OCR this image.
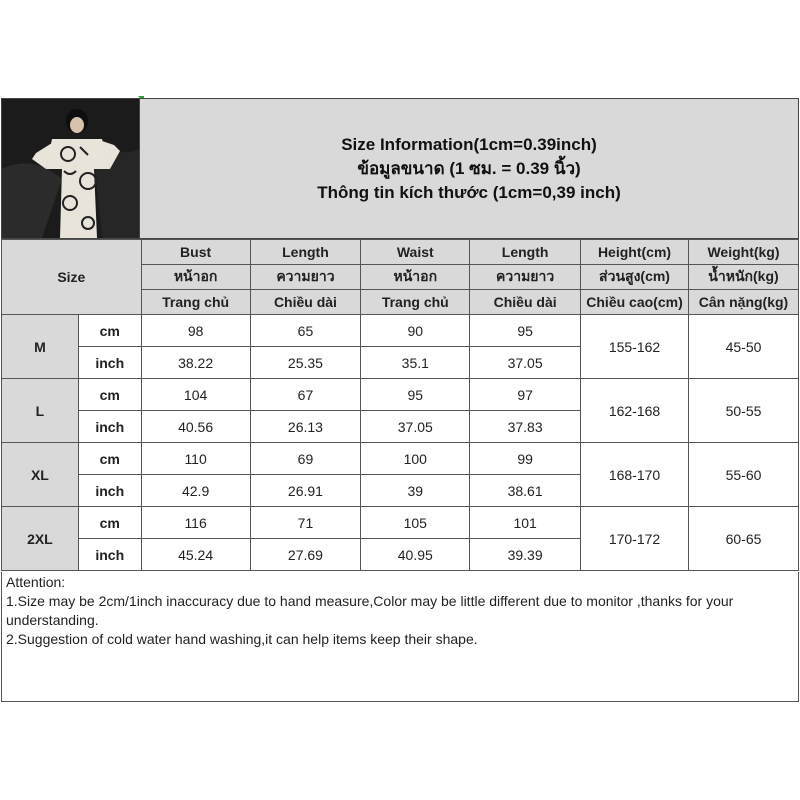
Size Information(1cm=0.39inch)
ข้อมูลขนาด (1 ซม. = 0.39 นิ้ว)
Thông tin kích thước (1cm=0,39 inch)
Size		Bust	Length	Waist	Length	Height(cm)	Weight(kg)
		หน้าอก	ความยาว	หน้าอก	ความยาว	ส่วนสูง(cm)	น้ำหนัก(kg)
		Trang chủ	Chiều dài	Trang chủ	Chiều dài	Chiều cao(cm)	Cân nặng(kg)
M	cm	98	65	90	95	155-162	45-50
	inch	38.22	25.35	35.1	37.05		
L	cm	104	67	95	97	162-168	50-55
	inch	40.56	26.13	37.05	37.83		
XL	cm	110	69	100	99	168-170	55-60
	inch	42.9	26.91	39	38.61		
2XL	cm	116	71	105	101	170-172	60-65
	inch	45.24	27.69	40.95	39.39		

Attention:

1.Size may be 2cm/1inch inaccuracy due to hand measure,Color may be little different due to monitor ,thanks for your understanding.

2.Suggestion of cold water hand washing,it can help items keep their shape.
